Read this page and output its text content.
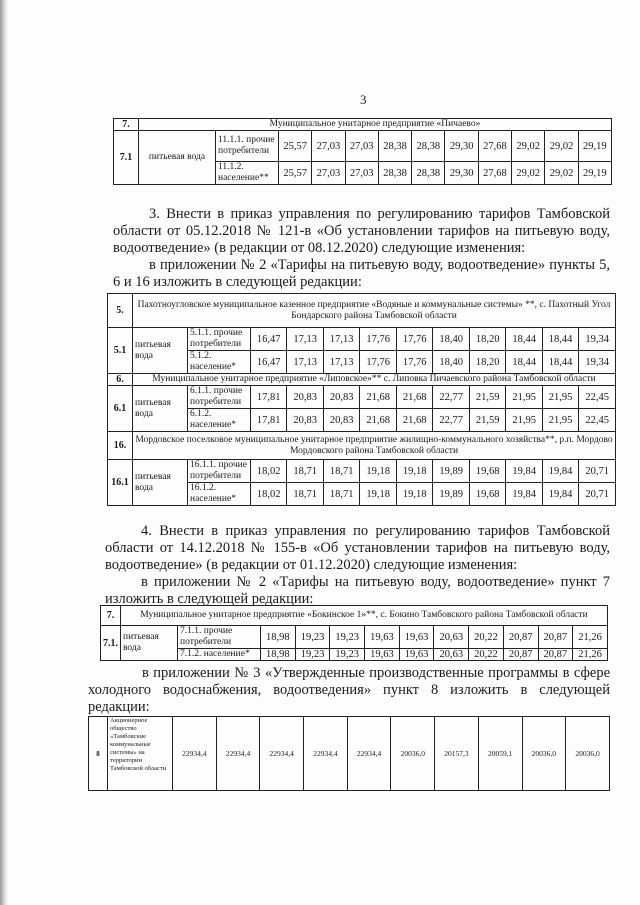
3
7.	Муниципальное унитарное предприятие «Пичаево»											
7.1	питьевая вода	11.1.1. прочие потребители	25,57	27,03	27,03	28,38	28,38	29,30	27,68	29,02	29,02	29,19
		11.1.2. население**	25,57	27,03	27,03	28,38	28,38	29,30	27,68	29,02	29,02	29,19

3. Внести в приказ управления по регулированию тарифов Тамбовской области от 05.12.2018 № 121-в «Об установлении тарифов на питьевую воду, водоотведение» (в редакции от 08.12.2020) следующие изменения:

в приложении № 2 «Тарифы на питьевую воду, водоотведение» пункты 5, 6 и 16 изложить в следующей редакции:

5.	Пахотноугловское муниципальное казенное предприятие «Водяные и коммунальные системы» **, с. Пахотный Угол Бондарского района Тамбовской области											
5.1	питьевая вода	5.1.1. прочие потребители	16,47	17,13	17,13	17,76	17,76	18,40	18,20	18,44	18,44	19,34
		5.1.2. население*	16,47	17,13	17,13	17,76	17,76	18,40	18,20	18,44	18,44	19,34
6.	Муниципальное унитарное предприятие «Липовское»** с. Липовка Пичаевского района Тамбовской области											
6.1	питьевая вода	6.1.1. прочие потребители	17,81	20,83	20,83	21,68	21,68	22,77	21,59	21,95	21,95	22,45
		6.1.2. население*	17,81	20,83	20,83	21,68	21,68	22,77	21,59	21,95	21,95	22,45
16.	Мордовское поселковое муниципальное унитарное предприятие жилищно-коммунального хозяйства**, р.п. Мордово Мордовского района Тамбовской области											
16.1	питьевая вода	16.1.1. прочие потребители	18,02	18,71	18,71	19,18	19,18	19,89	19,68	19,84	19,84	20,71
		16.1.2. население*	18,02	18,71	18,71	19,18	19,18	19,89	19,68	19,84	19,84	20,71

4. Внести в приказ управления по регулированию тарифов Тамбовской области от 14.12.2018 № 155-в «Об установлении тарифов на питьевую воду, водоотведение» (в редакции от 01.12.2020) следующие изменения:

в приложении № 2 «Тарифы на питьевую воду, водоотведение» пункт 7 изложить в следующей редакции:

7.	Муниципальное унитарное предприятие «Бокинское 1»**, с. Бокино Тамбовского района Тамбовской области											
7.1.	питьевая вода	7.1.1. прочие потребители	18,98	19,23	19,23	19,63	19,63	20,63	20,22	20,87	20,87	21,26
		7.1.2. население*	18,98	19,23	19,23	19,63	19,63	20,63	20,22	20,87	20,87	21,26

в приложении № 3 «Утвержденные производственные программы в сфере холодного водоснабжения, водоотведения» пункт 8 изложить в следующей редакции:

8	Акционерное общество «Тамбовские коммунальные системы» на территории Тамбовской области	22934,4	22934,4	22934,4	22934,4	22934,4	20036,0	20157,3	20059,1	20036,0	20036,0
